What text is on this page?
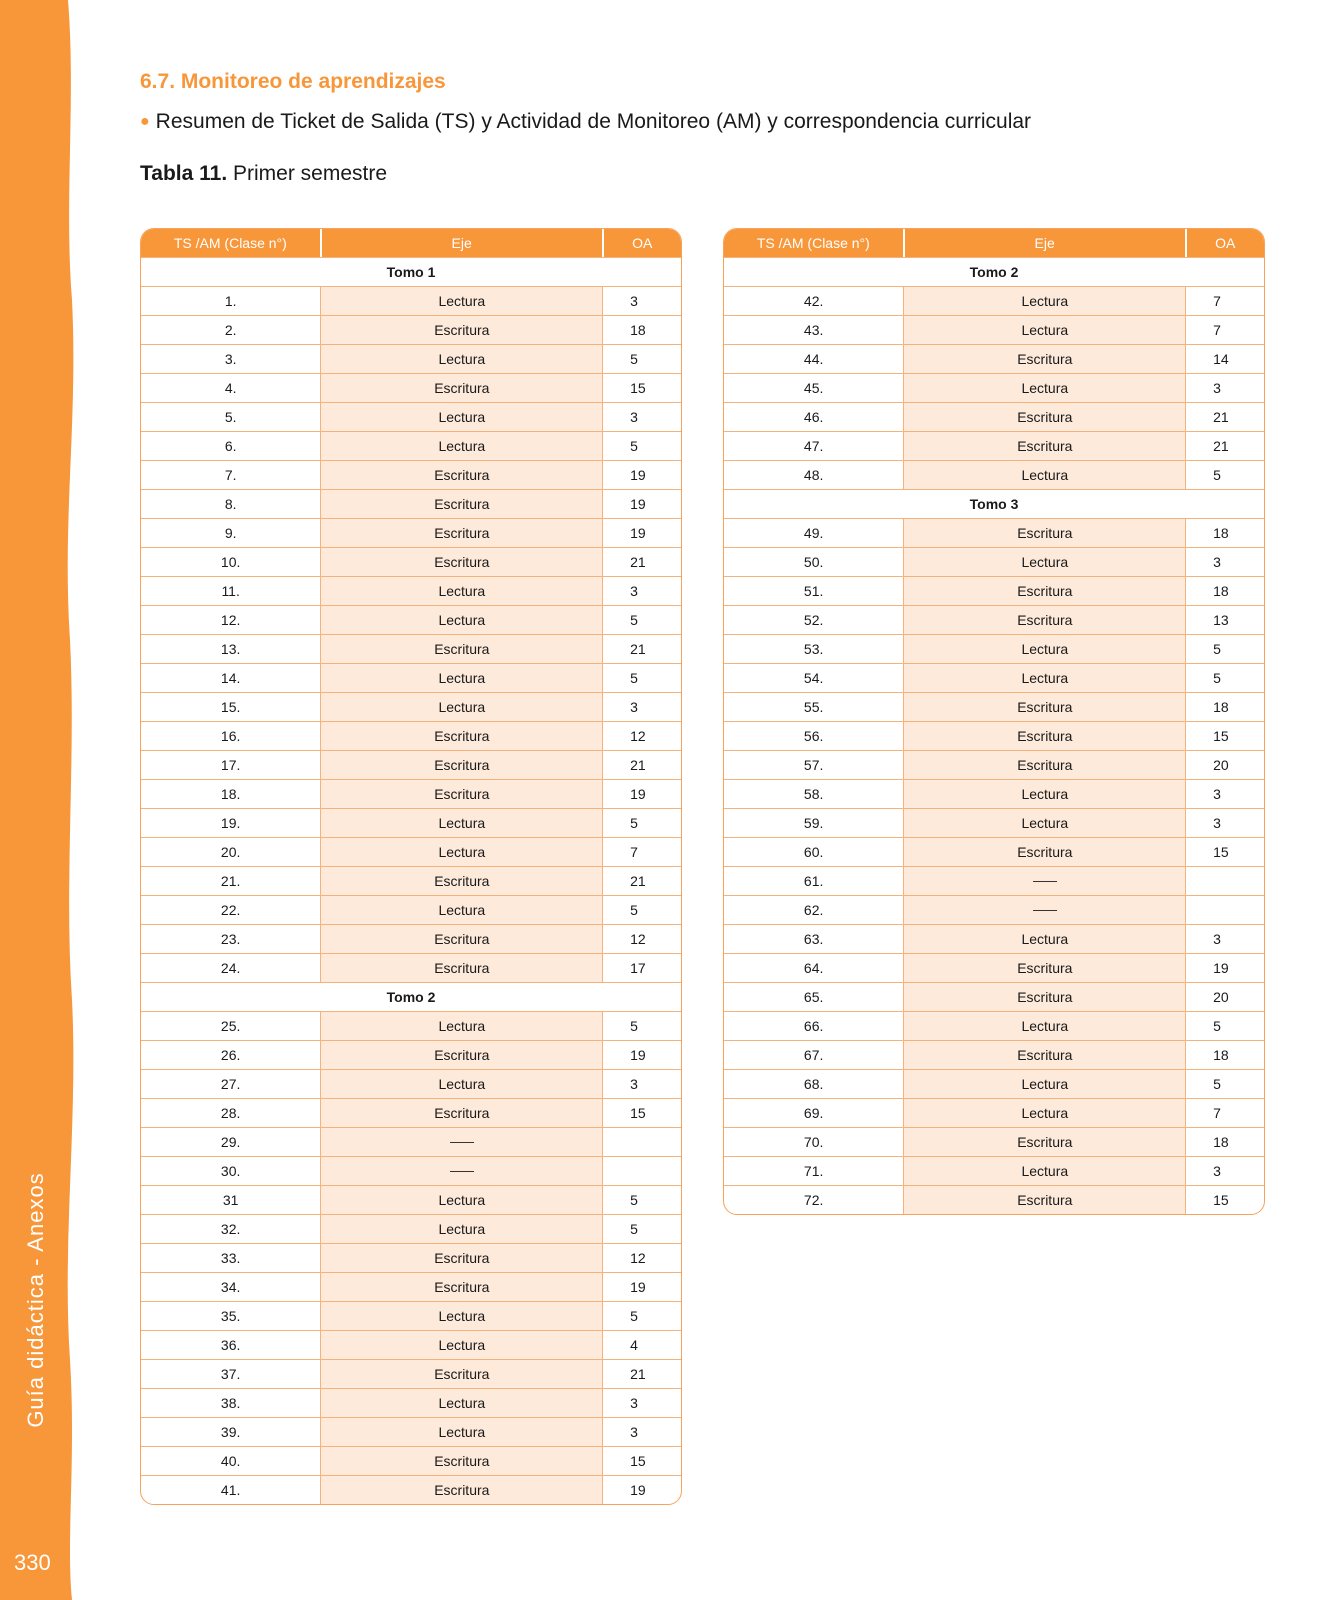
Guía didáctica - Anexos
330
6.7. Monitoreo de aprendizajes

● Resumen de Ticket de Salida (TS) y Actividad de Monitoreo (AM) y correspondencia curricular

Tabla 11. Primer semestre

TS /AM (Clase n°)	Eje	OA
Tomo 1
1.	Lectura	3
2.	Escritura	18
3.	Lectura	5
4.	Escritura	15
5.	Lectura	3
6.	Lectura	5
7.	Escritura	19
8.	Escritura	19
9.	Escritura	19
10.	Escritura	21
11.	Lectura	3
12.	Lectura	5
13.	Escritura	21
14.	Lectura	5
15.	Lectura	3
16.	Escritura	12
17.	Escritura	21
18.	Escritura	19
19.	Lectura	5
20.	Lectura	7
21.	Escritura	21
22.	Lectura	5
23.	Escritura	12
24.	Escritura	17
Tomo 2
25.	Lectura	5
26.	Escritura	19
27.	Lectura	3
28.	Escritura	15
29.
30.
31	Lectura	5
32.	Lectura	5
33.	Escritura	12
34.	Escritura	19
35.	Lectura	5
36.	Lectura	4
37.	Escritura	21
38.	Lectura	3
39.	Lectura	3
40.	Escritura	15
41.	Escritura	19
TS /AM (Clase n°)	Eje	OA
Tomo 2
42.	Lectura	7
43.	Lectura	7
44.	Escritura	14
45.	Lectura	3
46.	Escritura	21
47.	Escritura	21
48.	Lectura	5
Tomo 3
49.	Escritura	18
50.	Lectura	3
51.	Escritura	18
52.	Escritura	13
53.	Lectura	5
54.	Lectura	5
55.	Escritura	18
56.	Escritura	15
57.	Escritura	20
58.	Lectura	3
59.	Lectura	3
60.	Escritura	15
61.
62.
63.	Lectura	3
64.	Escritura	19
65.	Escritura	20
66.	Lectura	5
67.	Escritura	18
68.	Lectura	5
69.	Lectura	7
70.	Escritura	18
71.	Lectura	3
72.	Escritura	15
